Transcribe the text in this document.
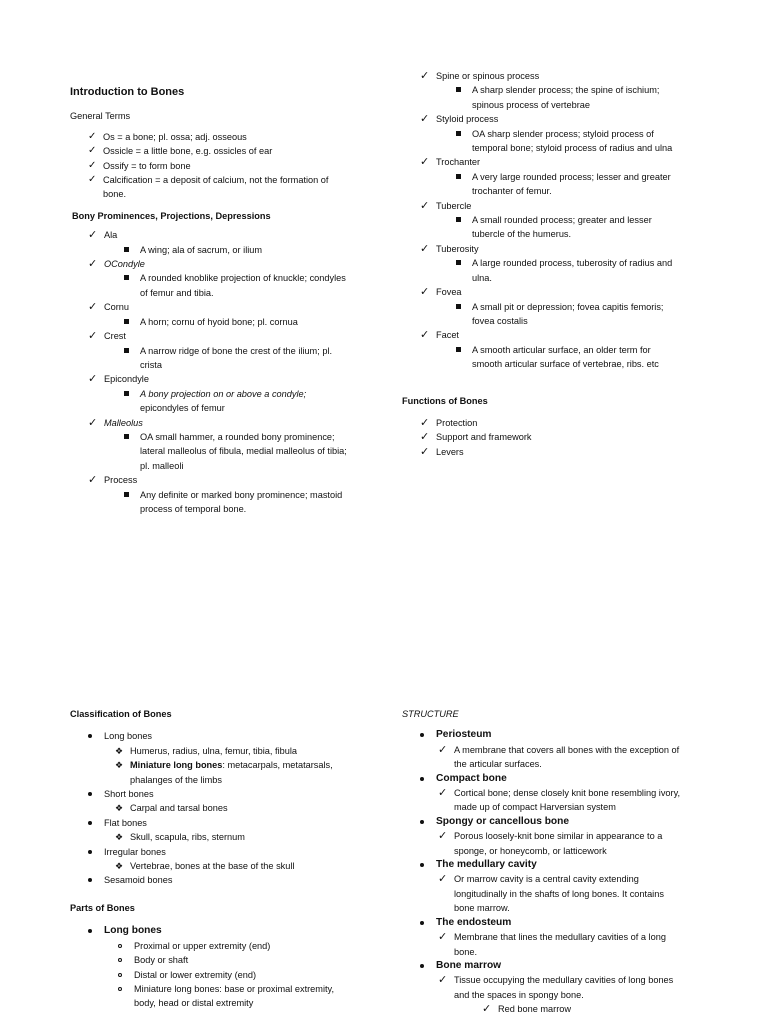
Introduction to Bones
General Terms
✓ Os = a bone; pl. ossa; adj. osseous
✓ Ossicle = a little bone, e.g. ossicles of ear
✓ Ossify = to form bone
✓ Calcification = a deposit of calcium, not the formation of
bone.
Bony Prominences, Projections, Depressions
✓ Ala
A wing; ala of sacrum, or ilium
✓ OCondyle
A rounded knoblike projection of knuckle; condyles
of femur and tibia.
✓ Cornu
A horn; cornu of hyoid bone; pl. cornua
✓ Crest
A narrow ridge of bone the crest of the ilium; pl.
crista
✓ Epicondyle
A bony projection on or above a condyle;
epicondyles of femur
✓ Malleolus
OA small hammer, a rounded bony prominence;
lateral malleolus of fibula, medial malleolus of tibia;
pl. malleoli
✓ Process
Any definite or marked bony prominence; mastoid
process of temporal bone.
✓ Spine or spinous process
A sharp slender process; the spine of ischium;
spinous process of vertebrae
✓ Styloid process
OA sharp slender process; styloid process of
temporal bone; styloid process of radius and ulna
✓ Trochanter
A very large rounded process; lesser and greater
trochanter of femur.
✓ Tubercle
A small rounded process; greater and lesser
tubercle of the humerus.
✓ Tuberosity
A large rounded process, tuberosity of radius and
ulna.
✓ Fovea
A small pit or depression; fovea capitis femoris;
fovea costalis
✓ Facet
A smooth articular surface, an older term for
smooth articular surface of vertebrae, ribs. etc
Functions of Bones
✓ Protection
✓ Support and framework
✓ Levers
Classification of Bones
Long bones
❖ Humerus, radius, ulna, femur, tibia, fibula
❖ Miniature long bones: metacarpals, metatarsals,
phalanges of the limbs
Short bones
❖ Carpal and tarsal bones
Flat bones
❖ Skull, scapula, ribs, sternum
Irregular bones
❖ Vertebrae, bones at the base of the skull
Sesamoid bones
Parts of Bones
Long bones
Proximal or upper extremity (end)
Body or shaft
Distal or lower extremity (end)
Miniature long bones: base or proximal extremity,
body, head or distal extremity
STRUCTURE
Periosteum
✓ A membrane that covers all bones with the exception of
the articular surfaces.
Compact bone
✓ Cortical bone; dense closely knit bone resembling ivory,
made up of compact Harversian system
Spongy or cancellous bone
✓ Porous loosely-knit bone similar in appearance to a
sponge, or honeycomb, or latticework
The medullary cavity
✓ Or marrow cavity is a central cavity extending
longitudinally in the shafts of long bones. It contains
bone marrow.
The endosteum
✓ Membrane that lines the medullary cavities of a long
bone.
Bone marrow
✓ Tissue occupying the medullary cavities of long bones
and the spaces in spongy bone.
✓ Red bone marrow
